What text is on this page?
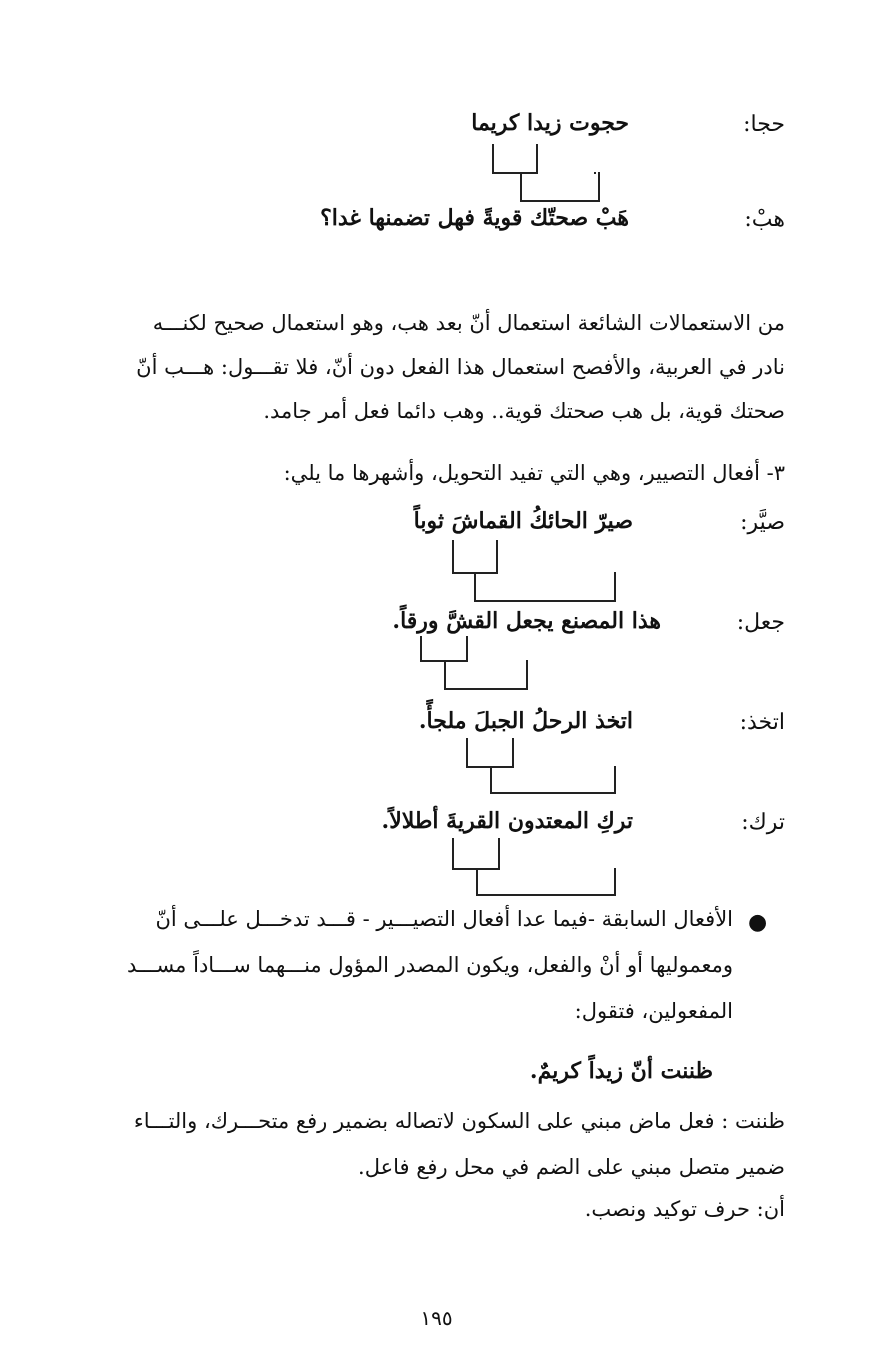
حجا:
حجوت زيدا كريما
هبْ:
هَبْ صحتّك قويةً فهل تضمنها غدا؟
من الاستعمالات الشائعة استعمال أنّ بعد هب، وهو استعمال صحيح لكنـــه
نادر في العربية، والأفصح استعمال هذا الفعل دون أنّ، فلا تقـــول: هـــب أنّ
صحتك قوية، بل هب صحتك قوية.. وهب دائما فعل أمر جامد.
٣- أفعال التصيير، وهي التي تفيد التحويل، وأشهرها ما يلي:
صيَّر:
صيرّ الحائكُ القماشَ ثوباً
جعل:
هذا المصنع يجعل القشَّ ورقاً.
اتخذ:
اتخذ الرحلُ الجبلَ ملجأً.
ترك:
تركِ المعتدون القريةَ أطلالاً.
●
الأفعال السابقة -فيما عدا أفعال التصيـــير - قـــد تدخـــل علـــى أنّ
ومعموليها أو أنْ والفعل، ويكون المصدر المؤول منـــهما ســـاداً مســـد
المفعولين، فتقول:
ظننت أنّ زيداً كريمٌ.
ظننت : فعل ماض مبني على السكون لاتصاله بضمير رفع متحـــرك، والتـــاء
ضمير متصل مبني على الضم في محل رفع فاعل.
أن: حرف توكيد ونصب.
١٩٥
